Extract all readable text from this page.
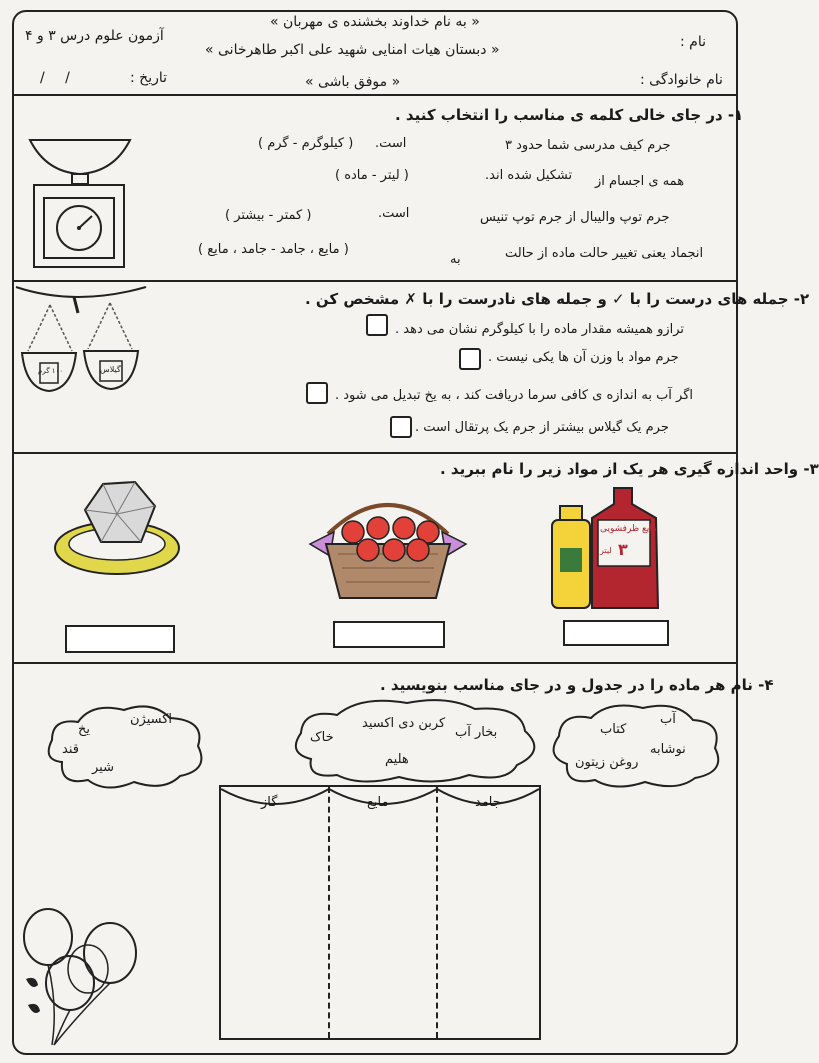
« به نام خداوند بخشنده ی مهربان »
« دبستان هیات امنایی شهید علی اکبر طاهرخانی »
« موفق باشی »
آزمون علوم درس ۳ و ۴
تاریخ :
/ /
نام :
نام خانوادگی :
۱- در جای خالی کلمه ی مناسب را انتخاب کنید .
جرم کیف مدرسی شما حدود ۳
است.
( کیلوگرم - گرم )
همه ی اجسام از
تشکیل شده اند.
( لیتر - ماده )
جرم توپ والیبال از جرم توپ تنیس
است.
( کمتر - بیشتر )
انجماد یعنی تغییر حالت ماده از حالت
به
( مایع ، جامد - جامد ، مایع )
۲- جمله های درست را با ✓ و جمله های نادرست را با ✗ مشخص کن .
ترازو همیشه مقدار ماده را با کیلوگرم نشان می دهد .
جرم مواد با وزن آن ها یکی نیست .
اگر آب به اندازه ی کافی سرما دریافت کند ، به یخ تبدیل می شود .
جرم یک گیلاس بیشتر از جرم یک پرتقال است .
۱۰۰ گرم	گیلاس
۳- واحد اندازه گیری هر یک از مواد زیر را نام ببرید .
مایع ظرفشویی
۳
لیتر
۴- نام هر ماده را در جدول و در جای مناسب بنویسید .
اکسیژن
یخ
قند
شیر
کربن دی اکسید
بخار آب
خاک
هلیم
آب
کتاب
نوشابه
روغن زیتون
گاز	مایع	جامد
